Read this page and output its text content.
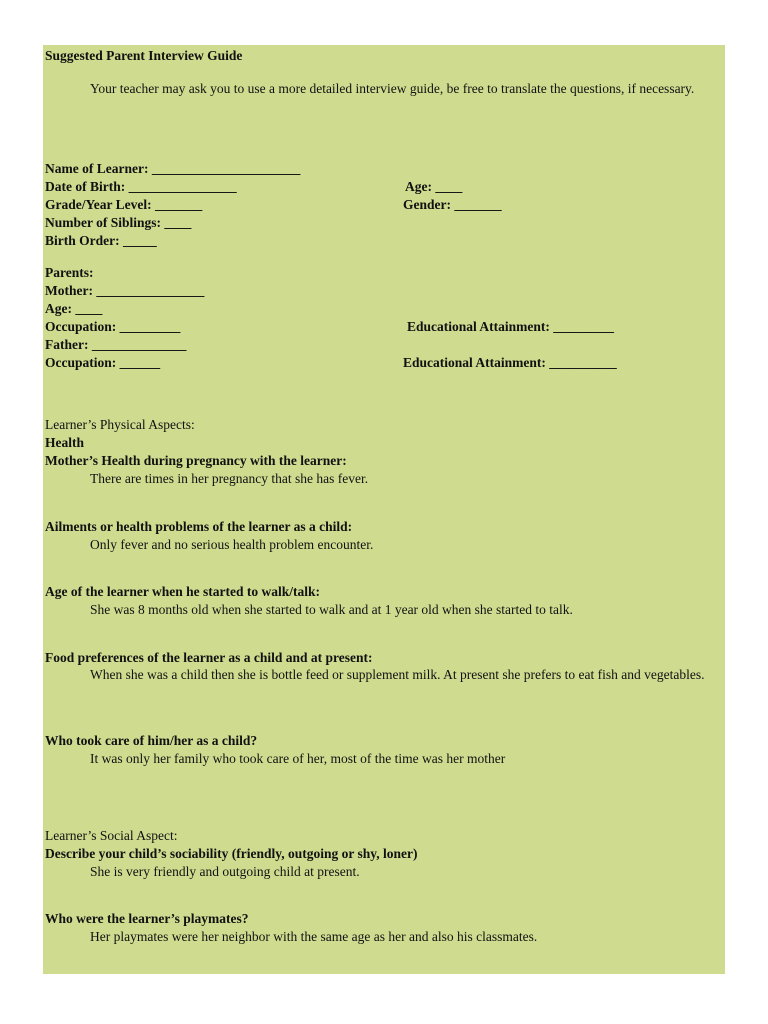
Suggested Parent Interview Guide
Your teacher may ask you to use a more detailed interview guide, be free to translate the questions, if necessary.
Name of Learner: ______________________
Date of Birth: ________________	Age: ____
Grade/Year Level: _______	Gender: _______
Number of Siblings: ____
Birth Order: _____
Parents:
Mother: ________________
Age: ____
Occupation: _________	Educational Attainment: _________
Father: ______________
Occupation: ______	Educational Attainment: __________
Learner’s Physical Aspects:
Health
Mother’s Health during pregnancy with the learner:
There are times in her pregnancy that she has fever.
Ailments or health problems of the learner as a child:
Only fever and no serious health problem encounter.
Age of the learner when he started to walk/talk:
She was 8 months old when she started to walk and at 1 year old when she started to talk.
Food preferences of the learner as a child and at present:
When she was a child then she is bottle feed or supplement milk. At present she prefers to eat fish and vegetables.
Who took care of him/her as a child?
It was only her family who took care of her, most of the time was her mother
Learner’s Social Aspect:
Describe your child’s sociability (friendly, outgoing or shy, loner)
She is very friendly and outgoing child at present.
Who were the learner’s playmates?
Her playmates were her neighbor with the same age as her and also his classmates.
